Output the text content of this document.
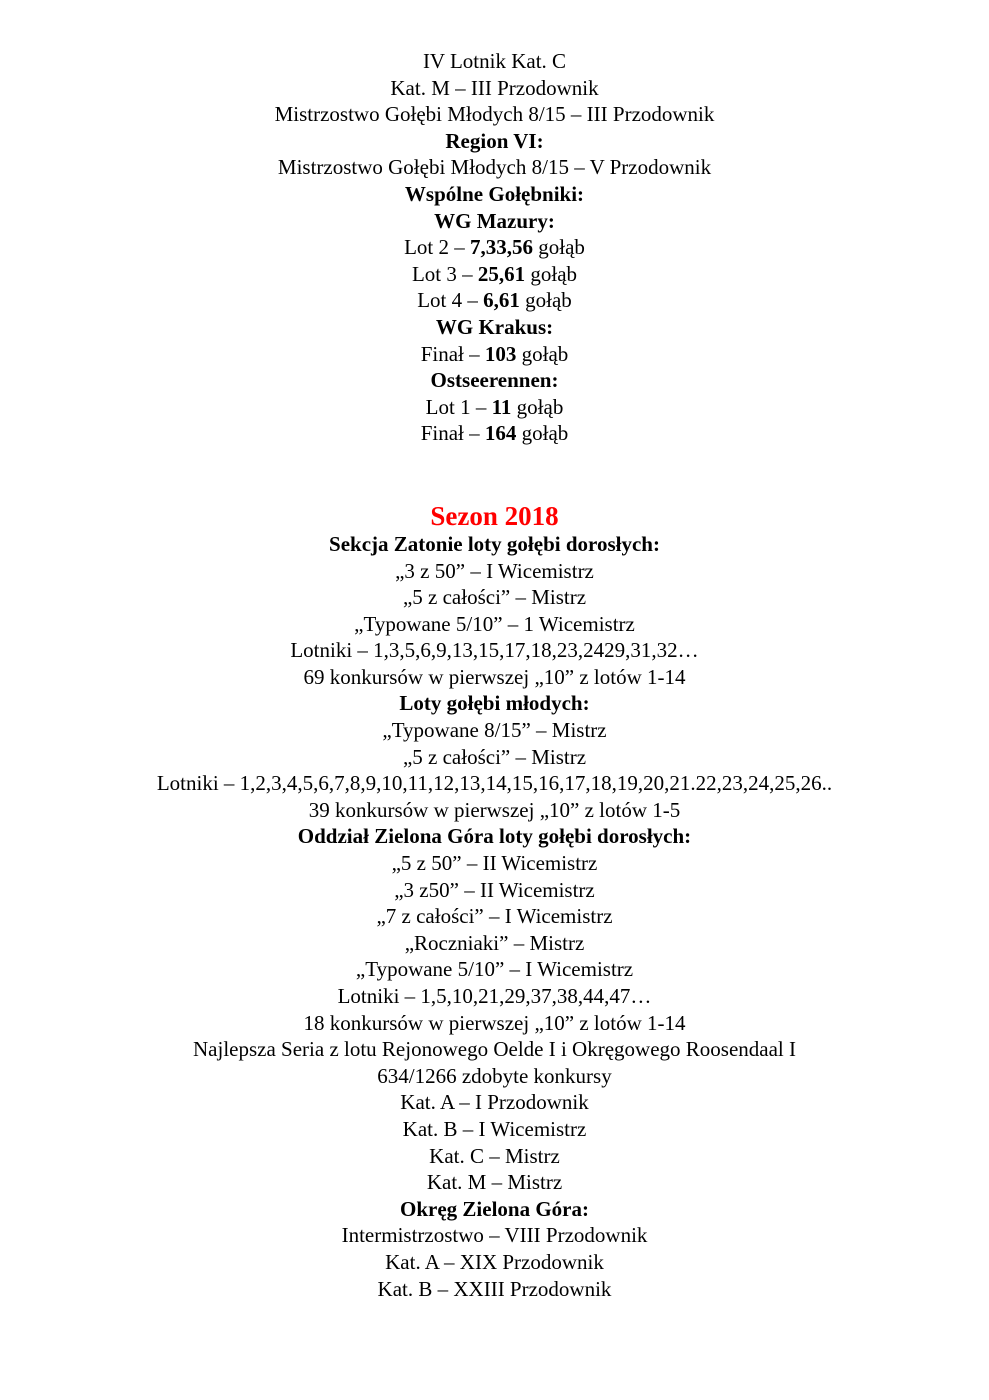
IV Lotnik Kat. C
Kat. M – III Przodownik
Mistrzostwo Gołębi Młodych 8/15 – III Przodownik
Region VI:
Mistrzostwo Gołębi Młodych 8/15 – V Przodownik
Wspólne Gołębniki:
WG Mazury:
Lot 2 – 7,33,56 gołąb
Lot 3 – 25,61 gołąb
Lot 4 – 6,61 gołąb
WG Krakus:
Finał – 103 gołąb
Ostseerennen:
Lot 1 – 11 gołąb
Finał – 164 gołąb
Sezon 2018
Sekcja Zatonie loty gołębi dorosłych:
„3 z 50” – I Wicemistrz
„5 z całości” – Mistrz
„Typowane 5/10” – 1 Wicemistrz
Lotniki – 1,3,5,6,9,13,15,17,18,23,2429,31,32…
69 konkursów w pierwszej „10” z lotów 1-14
Loty gołębi młodych:
„Typowane 8/15” – Mistrz
„5 z całości” – Mistrz
Lotniki – 1,2,3,4,5,6,7,8,9,10,11,12,13,14,15,16,17,18,19,20,21.22,23,24,25,26..
39 konkursów w pierwszej „10” z lotów 1-5
Oddział Zielona Góra loty gołębi dorosłych:
„5 z 50” – II Wicemistrz
„3 z50” – II Wicemistrz
„7 z całości” – I Wicemistrz
„Roczniaki” – Mistrz
„Typowane 5/10” – I Wicemistrz
Lotniki – 1,5,10,21,29,37,38,44,47…
18 konkursów w pierwszej „10” z lotów 1-14
Najlepsza Seria z lotu Rejonowego Oelde I i Okręgowego Roosendaal I
634/1266 zdobyte konkursy
Kat. A – I Przodownik
Kat. B – I Wicemistrz
Kat. C – Mistrz
Kat. M – Mistrz
Okręg Zielona Góra:
Intermistrzostwo – VIII Przodownik
Kat. A – XIX Przodownik
Kat. B – XXIII Przodownik
